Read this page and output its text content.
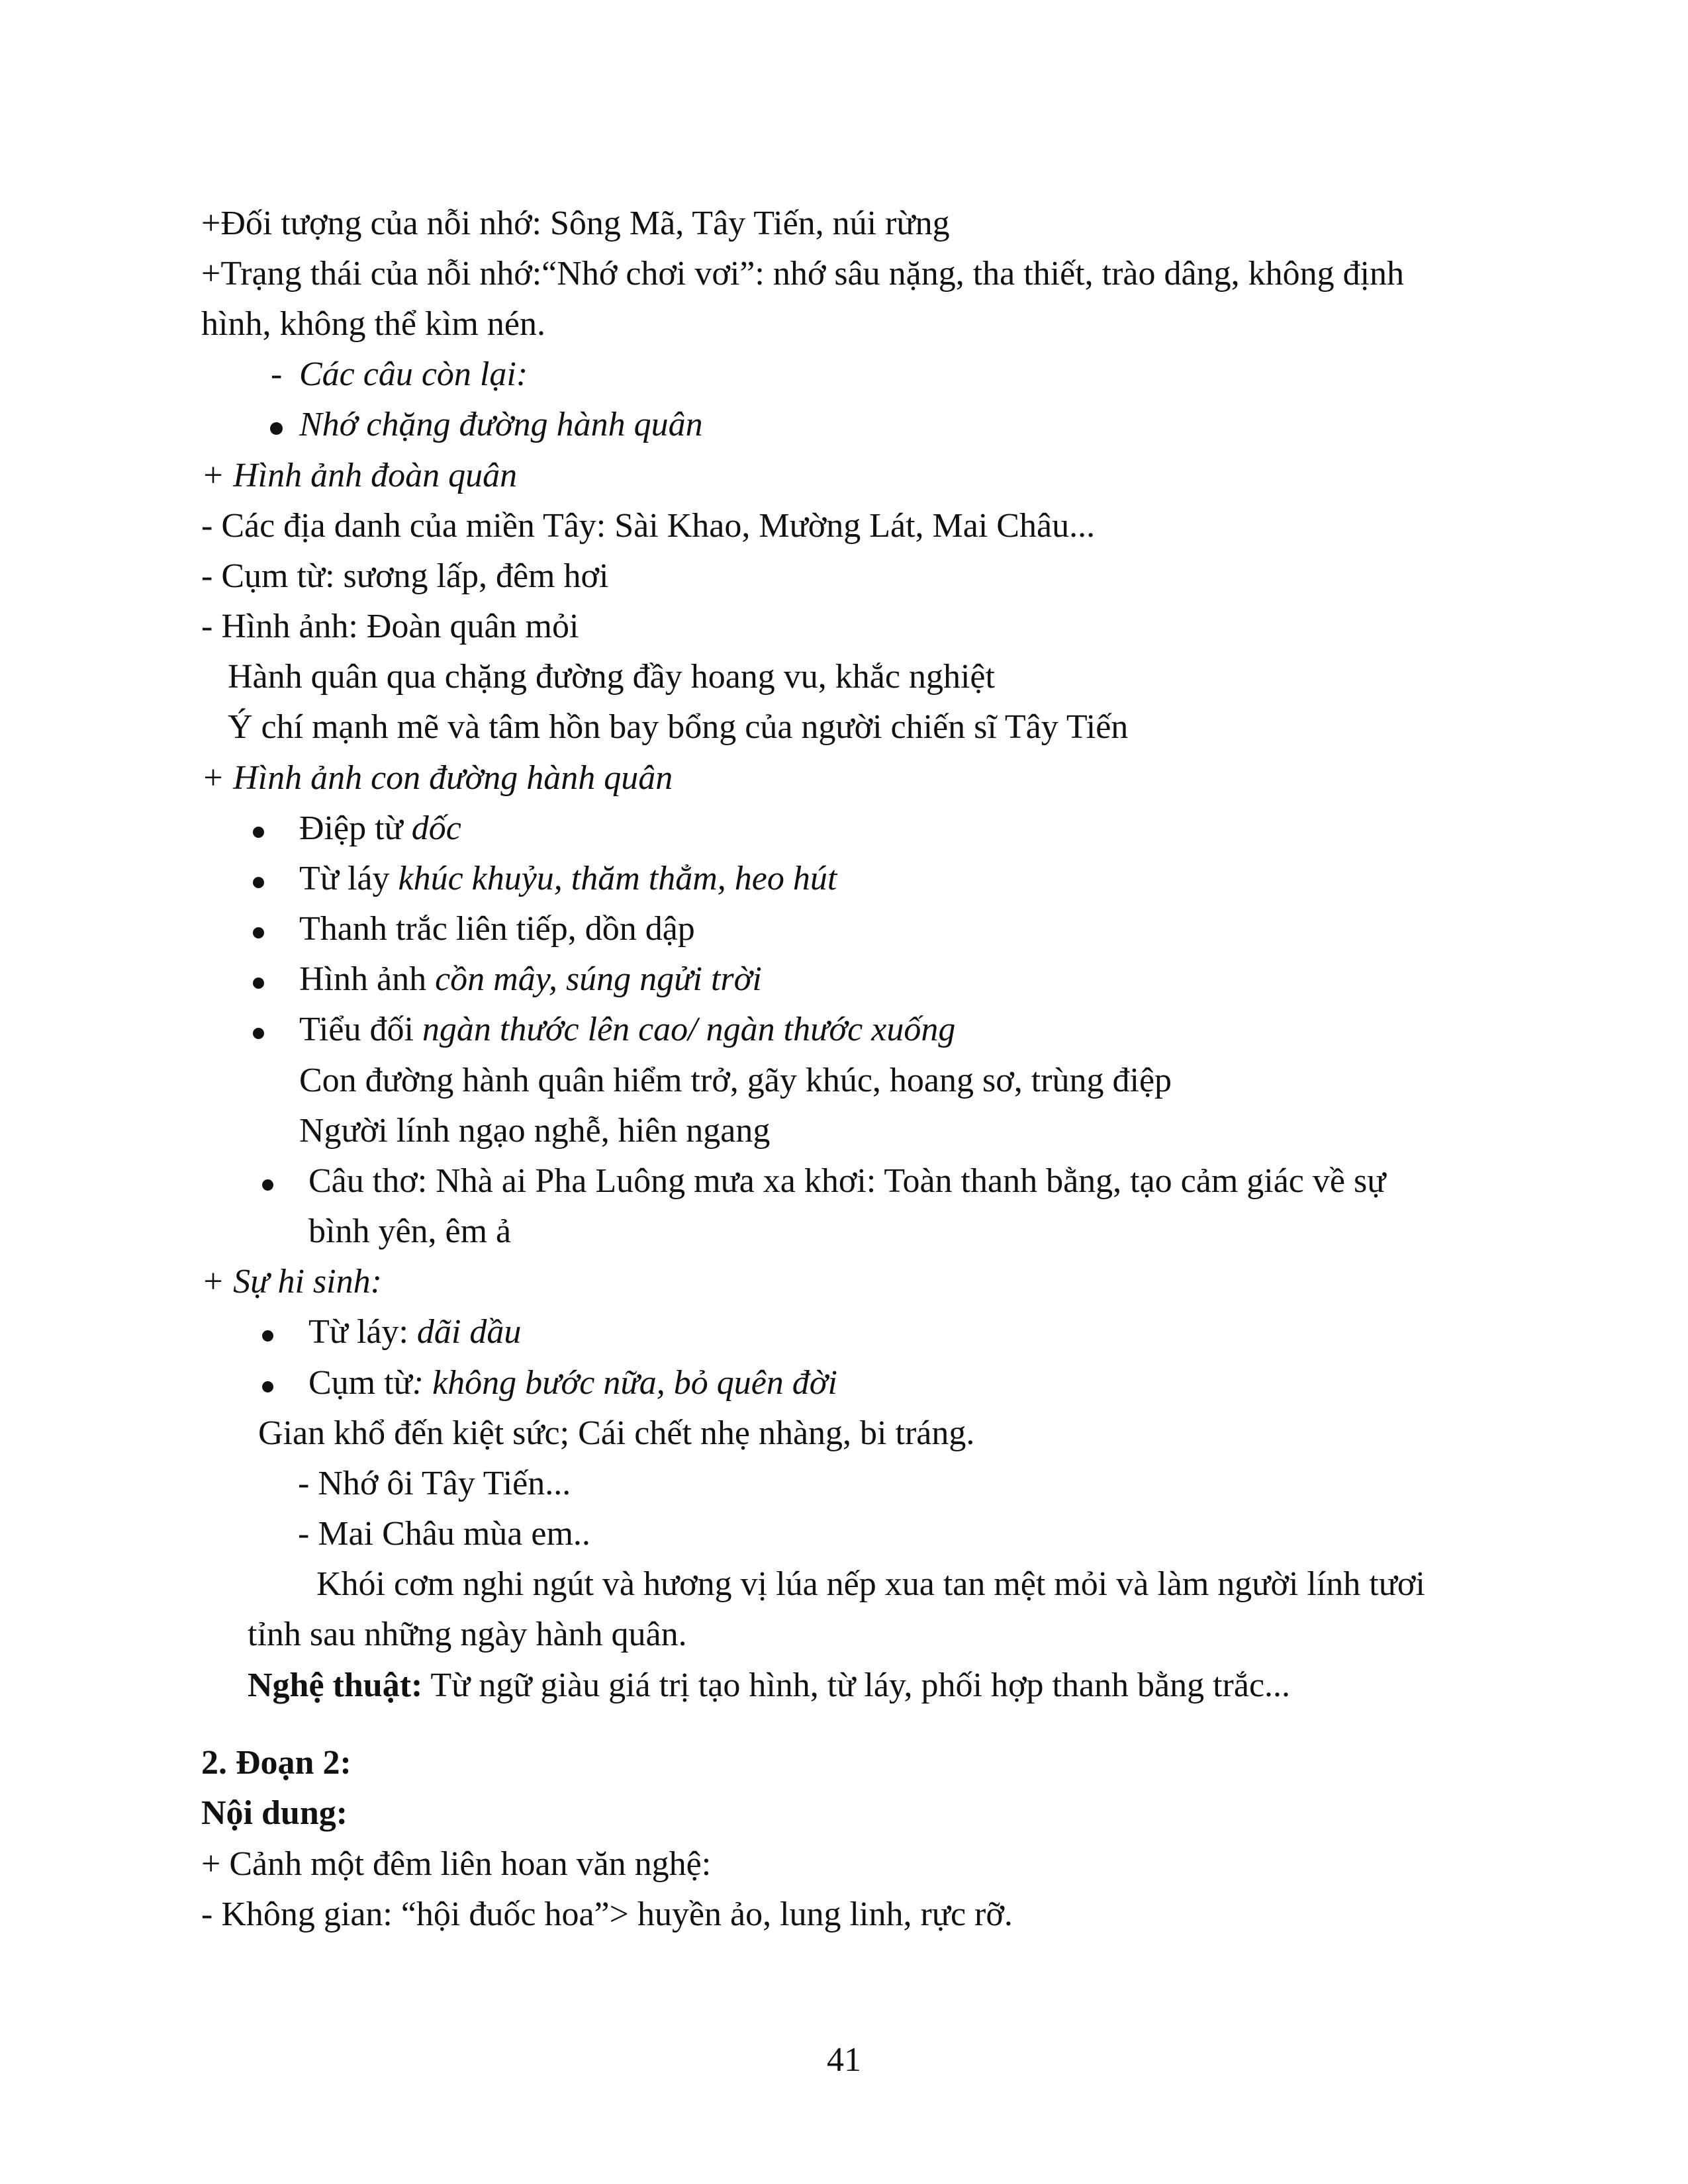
+Đối tượng của nỗi nhớ: Sông Mã, Tây Tiến, núi rừng
+Trạng thái của nỗi nhớ:“Nhớ chơi vơi”: nhớ sâu nặng, tha thiết, trào dâng, không định
hình, không thể kìm nén.
- Các câu còn lại:
Nhớ chặng đường hành quân
+ Hình ảnh đoàn quân
- Các địa danh của miền Tây: Sài Khao, Mường Lát, Mai Châu...
- Cụm từ: sương lấp, đêm hơi
- Hình ảnh: Đoàn quân mỏi
Hành quân qua chặng đường đầy hoang vu, khắc nghiệt
Ý chí mạnh mẽ và tâm hồn bay bổng của người chiến sĩ Tây Tiến
+ Hình ảnh con đường hành quân
Điệp từ dốc
Từ láy khúc khuỷu, thăm thẳm, heo hút
Thanh trắc liên tiếp, dồn dập
Hình ảnh cồn mây, súng ngửi trời
Tiểu đối ngàn thước lên cao/ ngàn thước xuống
Con đường hành quân hiểm trở, gãy khúc, hoang sơ, trùng điệp
Người lính ngạo nghễ, hiên ngang
Câu thơ: Nhà ai Pha Luông mưa xa khơi: Toàn thanh bằng, tạo cảm giác về sự
bình yên, êm ả
+ Sự hi sinh:
Từ láy: dãi dầu
Cụm từ: không bước nữa, bỏ quên đời
Gian khổ đến kiệt sức; Cái chết nhẹ nhàng, bi tráng.
- Nhớ ôi Tây Tiến...
- Mai Châu mùa em..
Khói cơm nghi ngút và hương vị lúa nếp xua tan mệt mỏi và làm người lính tươi
tỉnh sau những ngày hành quân.
Nghệ thuật: Từ ngữ giàu giá trị tạo hình, từ láy, phối hợp thanh bằng trắc...
2. Đoạn 2:
Nội dung:
+ Cảnh một đêm liên hoan văn nghệ:
- Không gian: “hội đuốc hoa”> huyền ảo, lung linh, rực rỡ.
41
